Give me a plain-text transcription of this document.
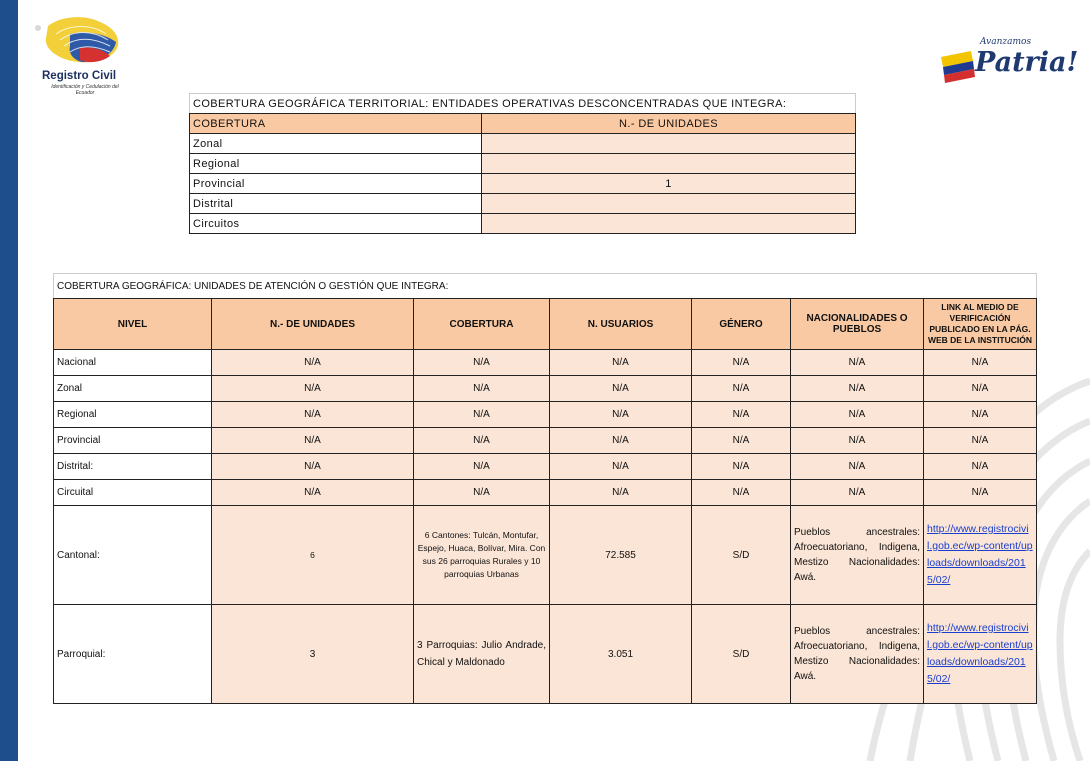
Registro Civil
Identificación y Cedulación del Ecuador
Avanzamos
Patria!
COBERTURA GEOGRÁFICA TERRITORIAL: ENTIDADES OPERATIVAS DESCONCENTRADAS QUE INTEGRA:	
COBERTURA	N.- DE UNIDADES
Zonal	
Regional	
Provincial	1
Distrital	
Circuitos	
COBERTURA GEOGRÁFICA: UNIDADES DE ATENCIÓN O GESTIÓN QUE INTEGRA:						
NIVEL	N.- DE UNIDADES	COBERTURA	N. USUARIOS	GÉNERO	NACIONALIDADES O PUEBLOS	LINK AL MEDIO DE VERIFICACIÓN PUBLICADO EN LA PÁG. WEB DE LA INSTITUCIÓN
Nacional	N/A	N/A	N/A	N/A	N/A	N/A
Zonal	N/A	N/A	N/A	N/A	N/A	N/A
Regional	N/A	N/A	N/A	N/A	N/A	N/A
Provincial	N/A	N/A	N/A	N/A	N/A	N/A
Distrital:	N/A	N/A	N/A	N/A	N/A	N/A
Circuital	N/A	N/A	N/A	N/A	N/A	N/A
Cantonal:	6	6 Cantones: Tulcán, Montufar, Espejo, Huaca, Bolívar, Mira. Con sus 26 parroquias Rurales y 10 parroquias Urbanas	72.585	S/D	Pueblos ancestrales: Afroecuatoriano, Indigena, Mestizo Nacionalidades: Awá.	http://www.registrocivil.gob.ec/wp-content/uploads/downloads/2015/02/
Parroquial:	3	3 Parroquias: Julio Andrade, Chical y Maldonado	3.051	S/D	Pueblos ancestrales: Afroecuatoriano, Indigena, Mestizo Nacionalidades: Awá.	http://www.registrocivil.gob.ec/wp-content/uploads/downloads/2015/02/
